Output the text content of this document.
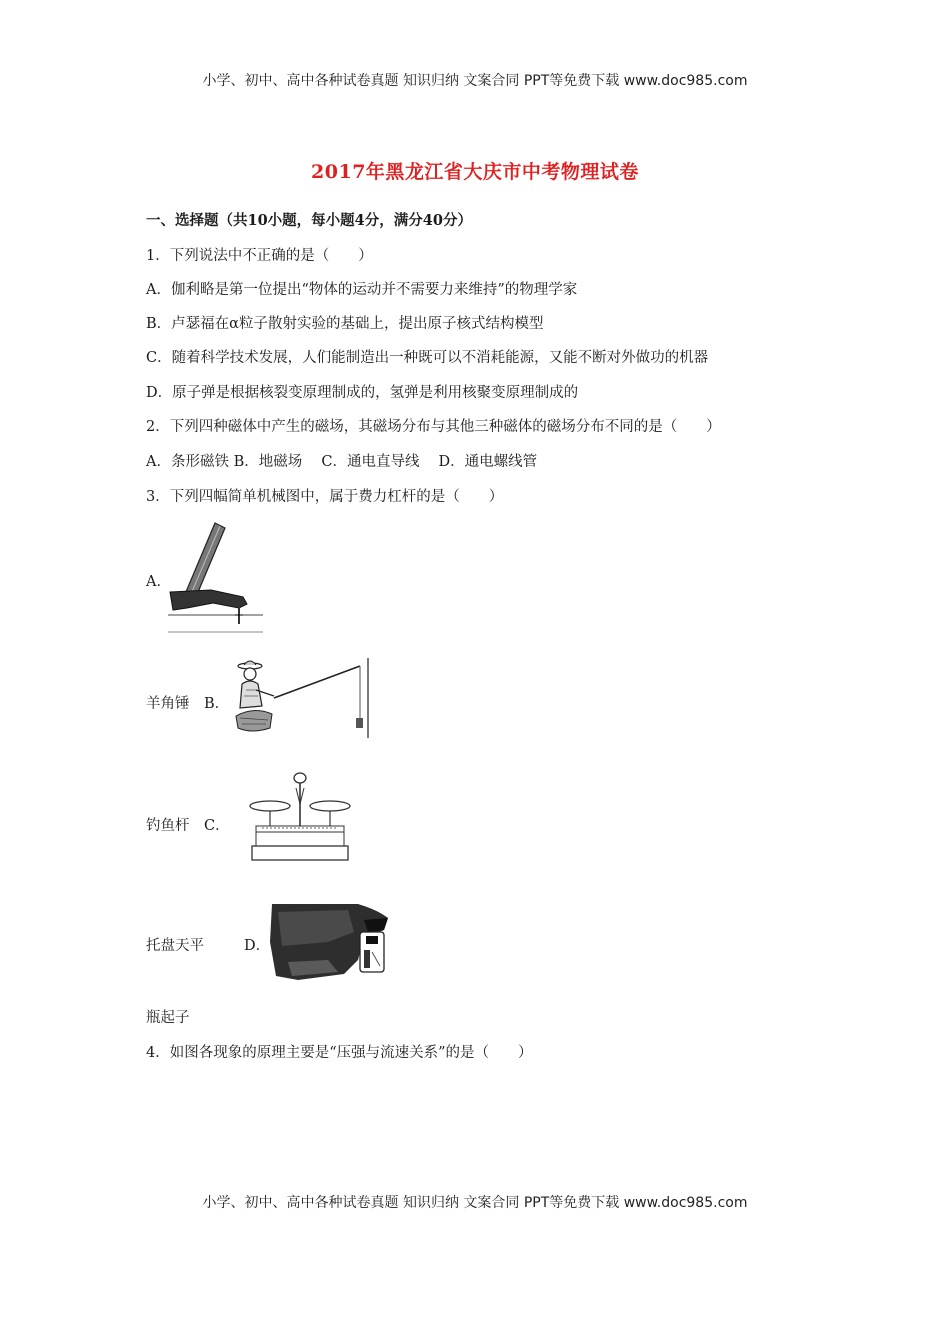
小学、初中、高中各种试卷真题 知识归纳 文案合同 PPT等免费下载 www.doc985.com
2017年黑龙江省大庆市中考物理试卷
一、选择题（共10小题，每小题4分，满分40分）
1．下列说法中不正确的是（　　）
A．伽利略是第一位提出“物体的运动并不需要力来维持”的物理学家
B．卢瑟福在α粒子散射实验的基础上，提出原子核式结构模型
C．随着科学技术发展，人们能制造出一种既可以不消耗能源，又能不断对外做功的机器
D．原子弹是根据核裂变原理制成的，氢弹是利用核聚变原理制成的
2．下列四种磁体中产生的磁场，其磁场分布与其他三种磁体的磁场分布不同的是（　　）
A．条形磁铁 B．地磁场　 C．通电直导线　 D．通电螺线管
3．下列四幅简单机械图中，属于费力杠杆的是（　　）
A．
羊角锤　B．
钓鱼杆　C．
托盘天平	D．
瓶起子
4．如图各现象的原理主要是“压强与流速关系”的是（　　）
小学、初中、高中各种试卷真题 知识归纳 文案合同 PPT等免费下载 www.doc985.com
